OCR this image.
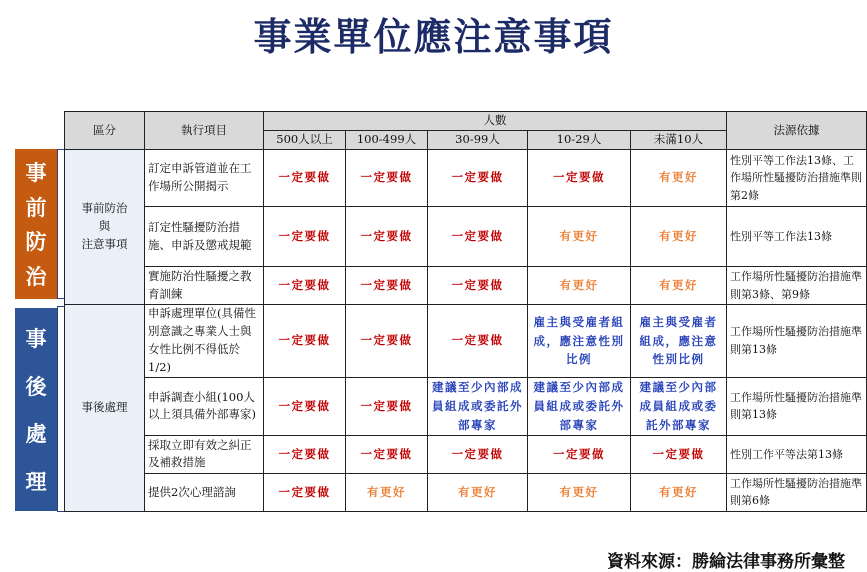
事業單位應注意事項
事
前
防
治
事
後
處
理
區分	執行項目	人數					法源依據
		500人以上	100-499人	30-99人	10-29人	未滿10人	
事前防治
與
注意事項	訂定申訴管道並在工作場所公開揭示	一定要做	一定要做	一定要做	一定要做	有更好	性別平等工作法13條、工作場所性騷擾防治措施準則第2條
	訂定性騷擾防治措施、申訴及懲戒規範	一定要做	一定要做	一定要做	有更好	有更好	性別平等工作法13條
	實施防治性騷擾之教育訓練	一定要做	一定要做	一定要做	有更好	有更好	工作場所性騷擾防治措施準則第3條、第9條
事後處理	申訴處理單位(具備性別意識之專業人士與女性比例不得低於1/2)	一定要做	一定要做	一定要做	雇主與受雇者組成，應注意性別比例	雇主與受雇者組成，應注意性別比例	工作場所性騷擾防治措施準則第13條
	申訴調查小組(100人以上須具備外部專家)	一定要做	一定要做	建議至少內部成員組成或委託外部專家	建議至少內部成員組成或委託外部專家	建議至少內部成員組成或委託外部專家	工作場所性騷擾防治措施準則第13條
	採取立即有效之糾正及補救措施	一定要做	一定要做	一定要做	一定要做	一定要做	性別工作平等法第13條
	提供2次心理諮詢	一定要做	有更好	有更好	有更好	有更好	工作場所性騷擾防治措施準則第6條
資料來源：勝綸法律事務所彙整
